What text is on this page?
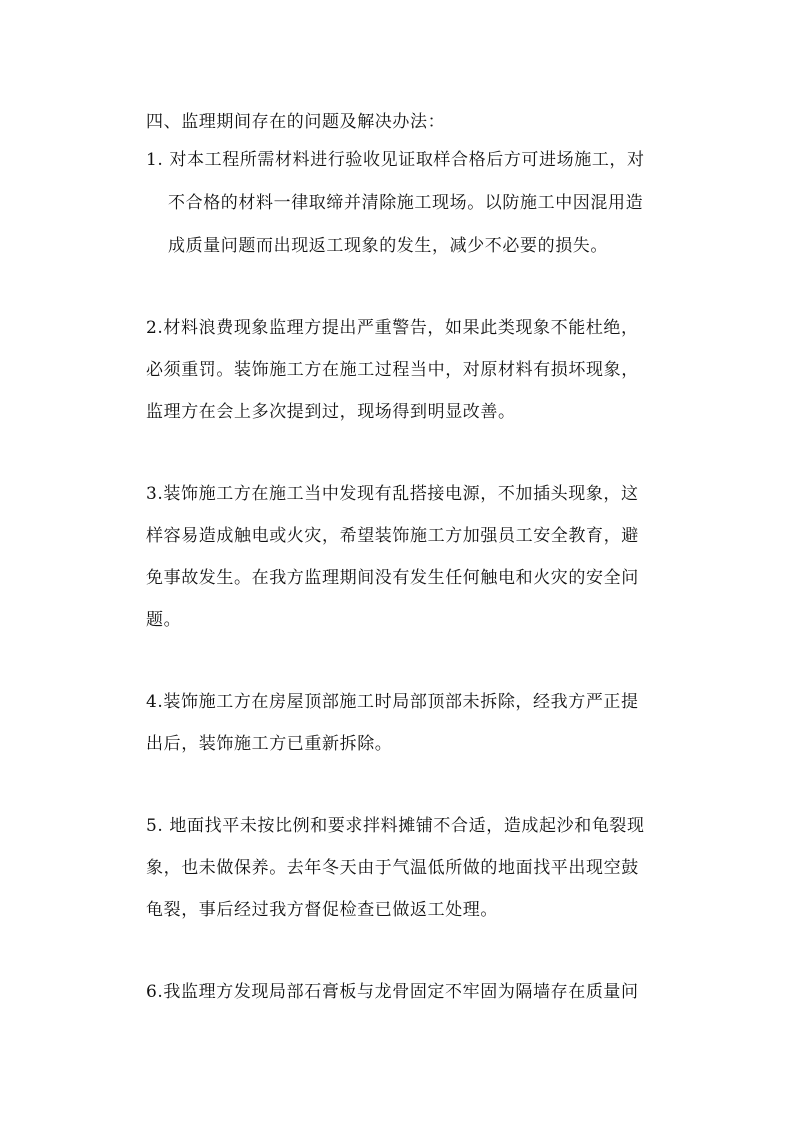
四、监理期间存在的问题及解决办法：
1. 对本工程所需材料进行验收见证取样合格后方可进场施工，对
不合格的材料一律取缔并清除施工现场。以防施工中因混用造
成质量问题而出现返工现象的发生，减少不必要的损失。
2.材料浪费现象监理方提出严重警告，如果此类现象不能杜绝，
必须重罚。装饰施工方在施工过程当中，对原材料有损坏现象，
监理方在会上多次提到过，现场得到明显改善。
3.装饰施工方在施工当中发现有乱搭接电源，不加插头现象，这
样容易造成触电或火灾，希望装饰施工方加强员工安全教育，避
免事故发生。在我方监理期间没有发生任何触电和火灾的安全问
题。
4.装饰施工方在房屋顶部施工时局部顶部未拆除，经我方严正提
出后，装饰施工方已重新拆除。
5. 地面找平未按比例和要求拌料摊铺不合适，造成起沙和龟裂现
象，也未做保养。去年冬天由于气温低所做的地面找平出现空鼓
龟裂，事后经过我方督促检查已做返工处理。
6.我监理方发现局部石膏板与龙骨固定不牢固为隔墙存在质量问
